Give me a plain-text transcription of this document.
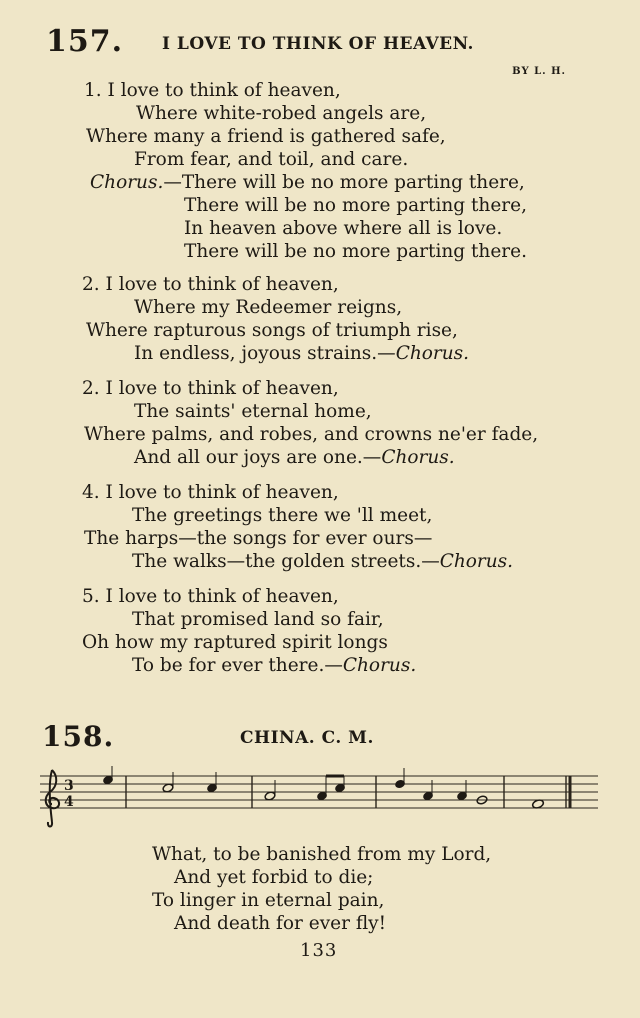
157. I LOVE TO THINK OF HEAVEN.
BY L. H.
1. I love to think of heaven,
Where white-robed angels are,
Where many a friend is gathered safe,
From fear, and toil, and care.
Chorus.—There will be no more parting there,
There will be no more parting there,
In heaven above where all is love.
There will be no more parting there.
2. I love to think of heaven,
Where my Redeemer reigns,
Where rapturous songs of triumph rise,
In endless, joyous strains.—Chorus.
2. I love to think of heaven,
The saints' eternal home,
Where palms, and robes, and crowns ne'er fade,
And all our joys are one.—Chorus.
4. I love to think of heaven,
The greetings there we 'll meet,
The harps—the songs for ever ours—
The walks—the golden streets.—Chorus.
5. I love to think of heaven,
That promised land so fair,
Oh how my raptured spirit longs
To be for ever there.—Chorus.
158.	CHINA. C. M.
3
4
What, to be banished from my Lord,
And yet forbid to die;
To linger in eternal pain,
And death for ever fly!
133
